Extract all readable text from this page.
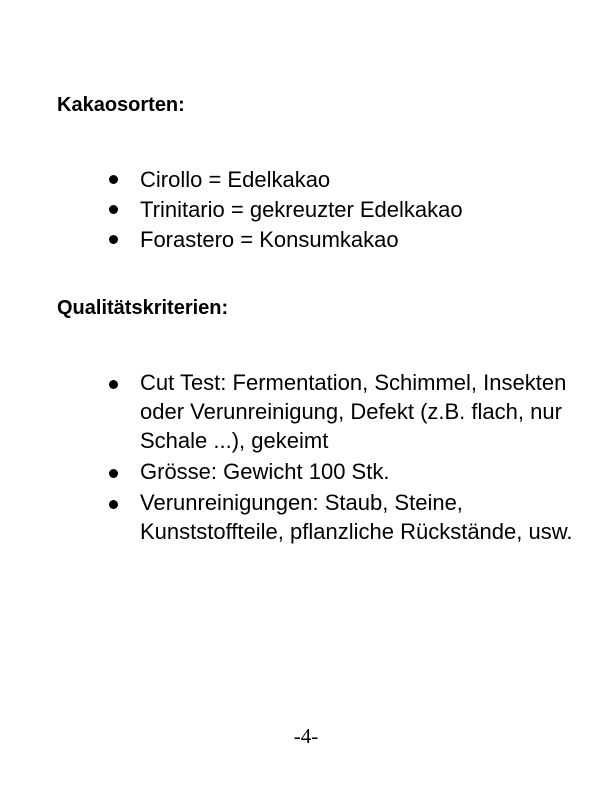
Kakaosorten:
Cirollo = Edelkakao
Trinitario = gekreuzter Edelkakao
Forastero = Konsumkakao
Qualitätskriterien:
Cut Test: Fermentation, Schimmel, Insekten oder Verunreinigung, Defekt (z.B. flach, nur Schale ...), gekeimt
Grösse: Gewicht 100 Stk.
Verunreinigungen: Staub, Steine, Kunststoffteile, pflanzliche Rückstände, usw.
-4-
